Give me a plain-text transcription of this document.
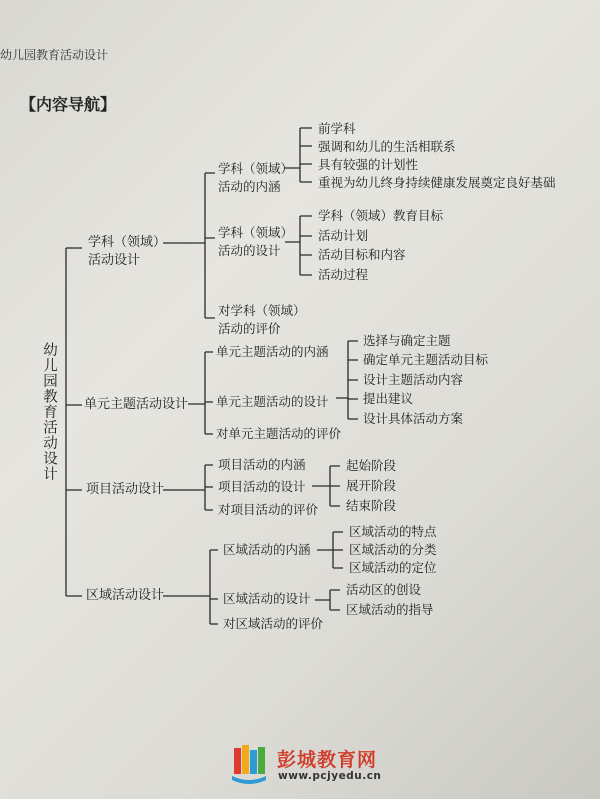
幼儿园教育活动设计
【内容导航】
幼儿园教育活动设计
学科（领域）
活动设计
学科（领域）
活动的内涵
前学科
强调和幼儿的生活相联系
具有较强的计划性
重视为幼儿终身持续健康发展奠定良好基础
学科（领域）
活动的设计
学科（领域）教育目标
活动计划
活动目标和内容
活动过程
对学科（领域）
活动的评价
单元主题活动设计
单元主题活动的内涵
单元主题活动的设计
对单元主题活动的评价
选择与确定主题
确定单元主题活动目标
设计主题活动内容
提出建议
设计具体活动方案
项目活动设计
项目活动的内涵
项目活动的设计
对项目活动的评价
起始阶段
展开阶段
结束阶段
区域活动设计
区域活动的内涵
区域活动的设计
对区域活动的评价
区域活动的特点
区域活动的分类
区域活动的定位
活动区的创设
区域活动的指导
彭城教育网
www.pcjyedu.cn
